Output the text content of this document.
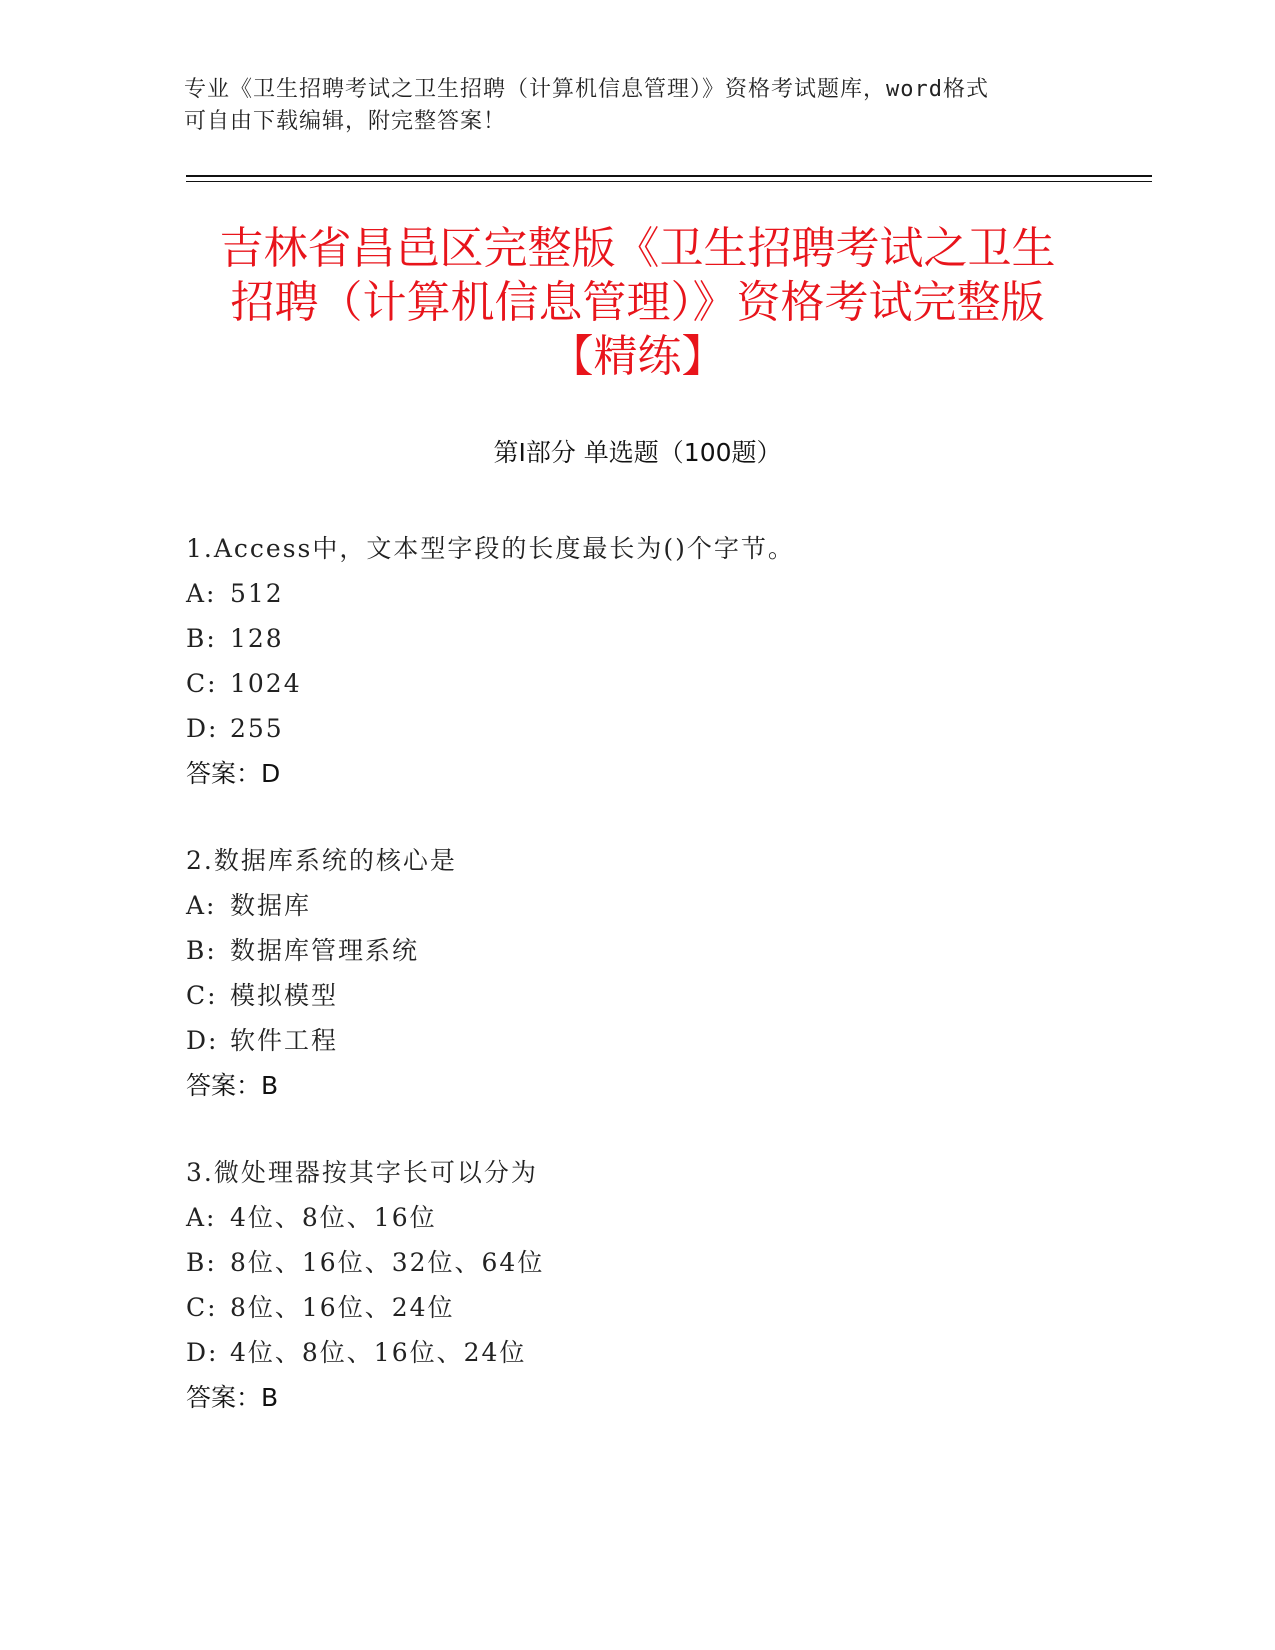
专业《卫生招聘考试之卫生招聘（计算机信息管理）》资格考试题库，word格式
可自由下载编辑，附完整答案！
吉林省昌邑区完整版《卫生招聘考试之卫生
招聘（计算机信息管理）》资格考试完整版
【精练】
第Ⅰ部分 单选题（100题）
1.Access中，文本型字段的长度最长为()个字节。
A: 512
B: 128
C: 1024
D: 255
答案：D
2.数据库系统的核心是
A: 数据库
B: 数据库管理系统
C: 模拟模型
D: 软件工程
答案：B
3.微处理器按其字长可以分为
A: 4位、8位、16位
B: 8位、16位、32位、64位
C: 8位、16位、24位
D: 4位、8位、16位、24位
答案：B
